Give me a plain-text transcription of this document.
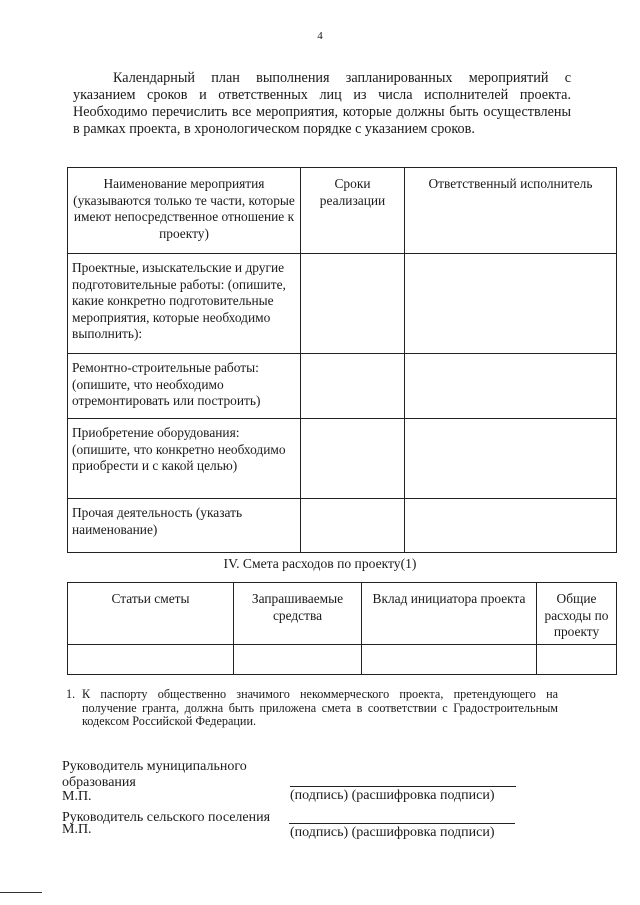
4

Календарный план выполнения запланированных мероприятий с указанием сроков и ответственных лиц из числа исполнителей проекта. Необходимо перечислить все мероприятия, которые должны быть осуществлены в рамках проекта, в хронологическом порядке с указанием сроков.

Наименование мероприятия (указываются только те части, которые имеют непосредственное отношение к проекту)	Сроки реализации	Ответственный исполнитель
Проектные, изыскательские и другие подготовительные работы: (опишите, какие конкретно подготовительные мероприятия, которые необходимо выполнить):		
Ремонтно-строительные работы: (опишите, что необходимо отремонтировать или построить)		
Приобретение оборудования: (опишите, что конкретно необходимо приобрести и с какой целью)		
Прочая деятельность (указать наименование)		
IV. Смета расходов по проекту(1)
Статьи сметы	Запрашиваемые средства	Вклад инициатора проекта	Общие расходы по проекту

1. К паспорту общественно значимого некоммерческого проекта, претендующего на получение гранта, должна быть приложена смета в соответствии с Градостроительным кодексом Российской Федерации.

Руководитель муниципального образования
М.П.	(подпись) (расшифровка подписи)
Руководитель сельского поселения
М.П.	(подпись) (расшифровка подписи)
